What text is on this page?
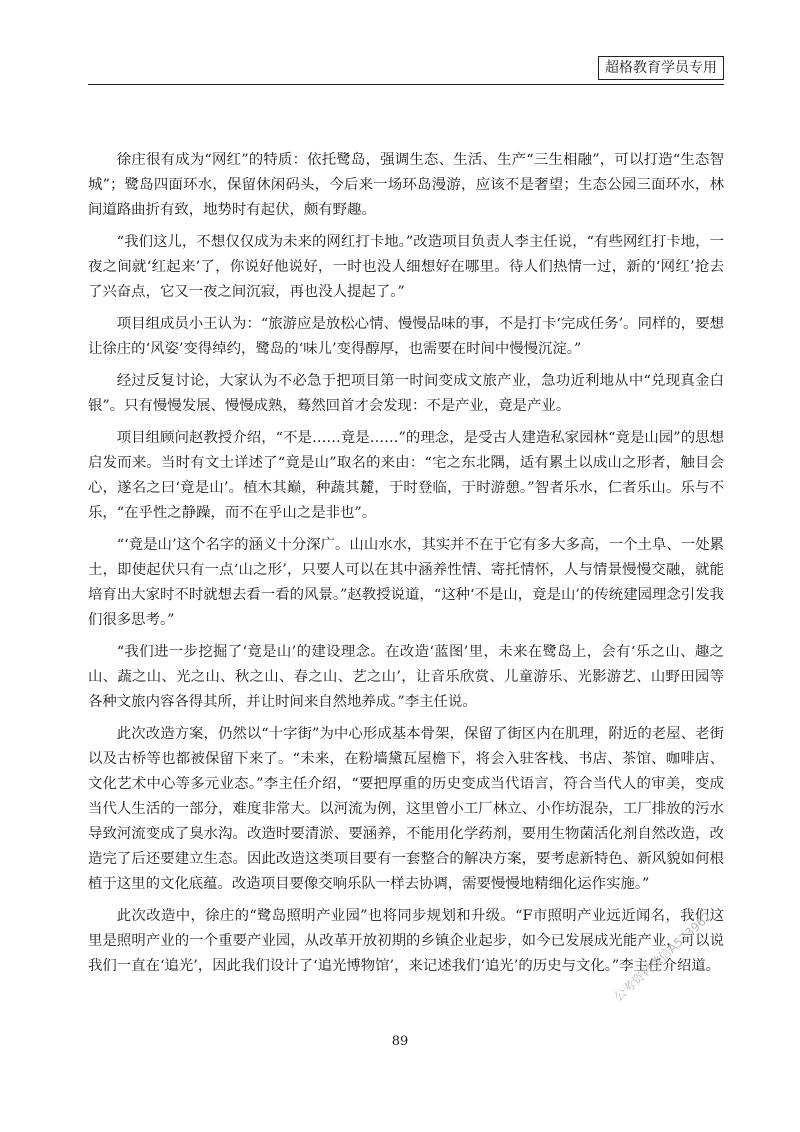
超格教育学员专用

徐庄很有成为“网红”的特质：依托鹭岛，强调生态、生活、生产“三生相融”，可以打造“生态智城”；鹭岛四面环水，保留休闲码头，今后来一场环岛漫游，应该不是奢望；生态公园三面环水，林间道路曲折有致，地势时有起伏，颇有野趣。

“我们这儿，不想仅仅成为未来的网红打卡地。”改造项目负责人李主任说，“有些网红打卡地，一夜之间就‘红起来’了，你说好他说好，一时也没人细想好在哪里。待人们热情一过，新的‘网红’抢去了兴奋点，它又一夜之间沉寂，再也没人提起了。”

项目组成员小王认为：“旅游应是放松心情、慢慢品味的事，不是打卡‘完成任务’。同样的，要想让徐庄的‘风姿’变得绰约，鹭岛的‘味儿’变得醇厚，也需要在时间中慢慢沉淀。”

经过反复讨论，大家认为不必急于把项目第一时间变成文旅产业，急功近利地从中“兑现真金白银”。只有慢慢发展、慢慢成熟，蓦然回首才会发现：不是产业，竟是产业。

项目组顾问赵教授介绍，“不是……竟是……”的理念，是受古人建造私家园林“竟是山园”的思想启发而来。当时有文士详述了“竟是山”取名的来由：“宅之东北隅，适有累土以成山之形者，触目会心，遂名之曰‘竟是山’。植木其巅，种蔬其麓，于时登临，于时游憩。”智者乐水，仁者乐山。乐与不乐，“在乎性之静躁，而不在乎山之是非也”。

“‘竟是山’这个名字的涵义十分深广。山山水水，其实并不在于它有多大多高，一个土阜、一处累土，即使起伏只有一点‘山之形’，只要人可以在其中涵养性情、寄托情怀，人与情景慢慢交融，就能培育出大家时不时就想去看一看的风景。”赵教授说道，“这种‘不是山，竟是山’的传统建园理念引发我们很多思考。”

“我们进一步挖掘了‘竟是山’的建设理念。在改造‘蓝图’里，未来在鹭岛上，会有‘乐之山、趣之山、蔬之山、光之山、秋之山、春之山、艺之山’，让音乐欣赏、儿童游乐、光影游艺、山野田园等各种文旅内容各得其所，并让时间来自然地养成。”李主任说。

此次改造方案，仍然以“十字街”为中心形成基本骨架，保留了街区内在肌理，附近的老屋、老街以及古桥等也都被保留下来了。“未来，在粉墙黛瓦屋檐下，将会入驻客栈、书店、茶馆、咖啡店、文化艺术中心等多元业态。”李主任介绍，“要把厚重的历史变成当代语言，符合当代人的审美，变成当代人生活的一部分，难度非常大。以河流为例，这里曾小工厂林立、小作坊混杂，工厂排放的污水导致河流变成了臭水沟。改造时要清淤、要涵养，不能用化学药剂，要用生物菌活化剂自然改造，改造完了后还要建立生态。因此改造这类项目要有一套整合的解决方案，要考虑新特色、新风貌如何根植于这里的文化底蕴。改造项目要像交响乐队一样去协调，需要慢慢地精细化运作实施。”

此次改造中，徐庄的“鹭岛照明产业园”也将同步规划和升级。“F市照明产业远近闻名，我们这里是照明产业的一个重要产业园，从改革开放初期的乡镇企业起步，如今已发展成光能产业，可以说我们一直在‘追光’，因此我们设计了‘追光博物馆’，来记述我们‘追光’的历史与文化。”李主任介绍道。

公考资料微信A573962
89
